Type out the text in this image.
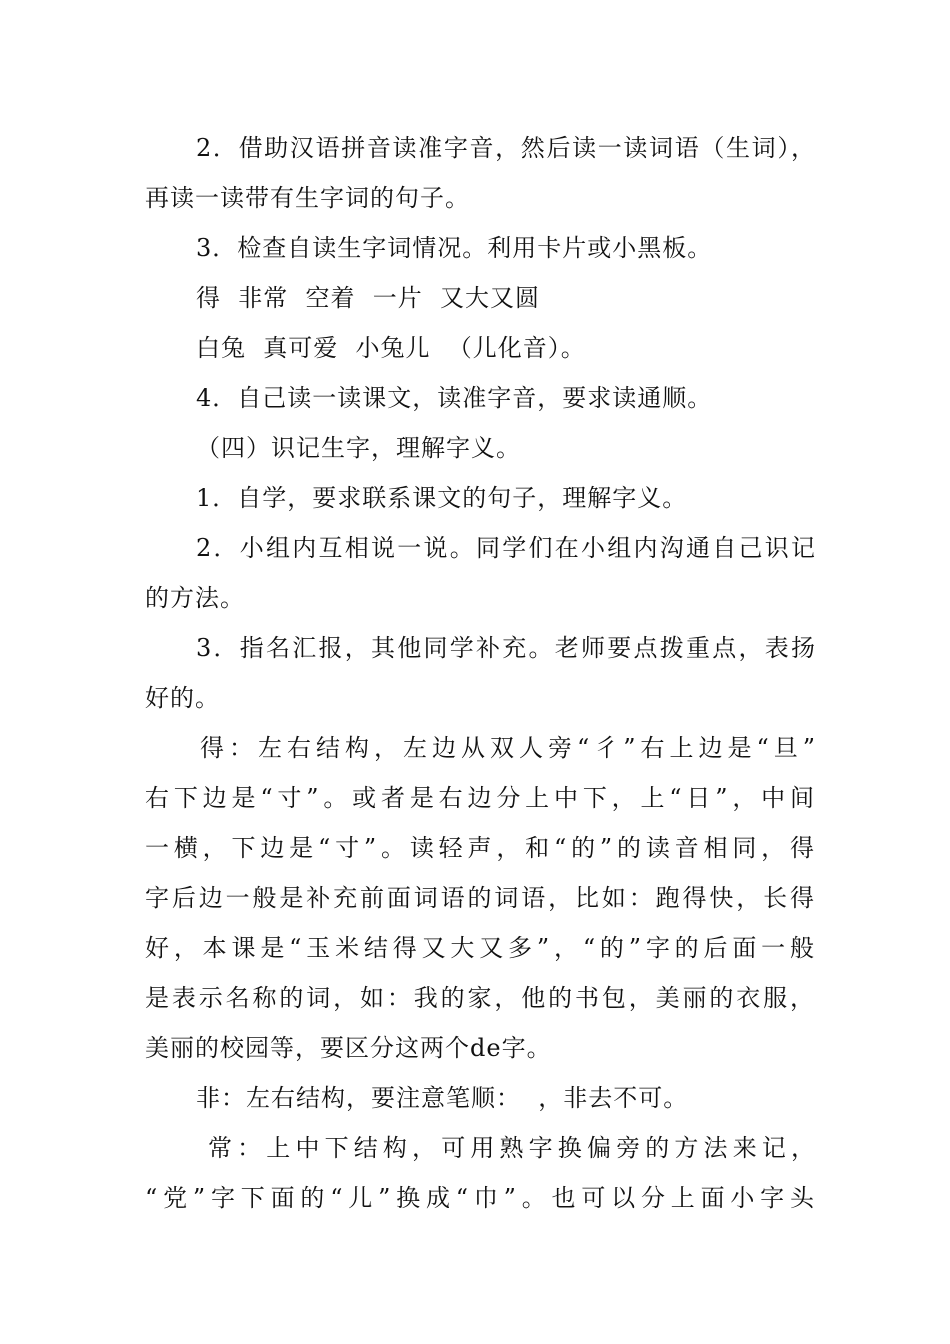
2．借助汉语拼音读准字音，然后读一读词语（生词），
再读一读带有生字词的句子。
3．检查自读生字词情况。利用卡片或小黑板。
得  非常  空着  一片  又大又圆
白兔  真可爱  小兔儿  （儿化音）。
4．自己读一读课文，读准字音，要求读通顺。
（四）识记生字，理解字义。
1．自学，要求联系课文的句子，理解字义。
2．小组内互相说一说。同学们在小组内沟通自己识记
的方法。
3．指名汇报，其他同学补充。老师要点拨重点，表扬
好的。
得：左右结构，左边从双人旁“彳”右上边是“旦”
右下边是“寸”。或者是右边分上中下，上“日”，中间
一横，下边是“寸”。读轻声，和“的”的读音相同，得
字后边一般是补充前面词语的词语，比如：跑得快，长得
好，本课是“玉米结得又大又多”，“的”字的后面一般
是表示名称的词，如：我的家，他的书包，美丽的衣服，
美丽的校园等，要区分这两个de字。
非：左右结构，要注意笔顺：  ，非去不可。
常：上中下结构，可用熟字换偏旁的方法来记，
“党”字下面的“儿”换成“巾”。也可以分上面小字头
